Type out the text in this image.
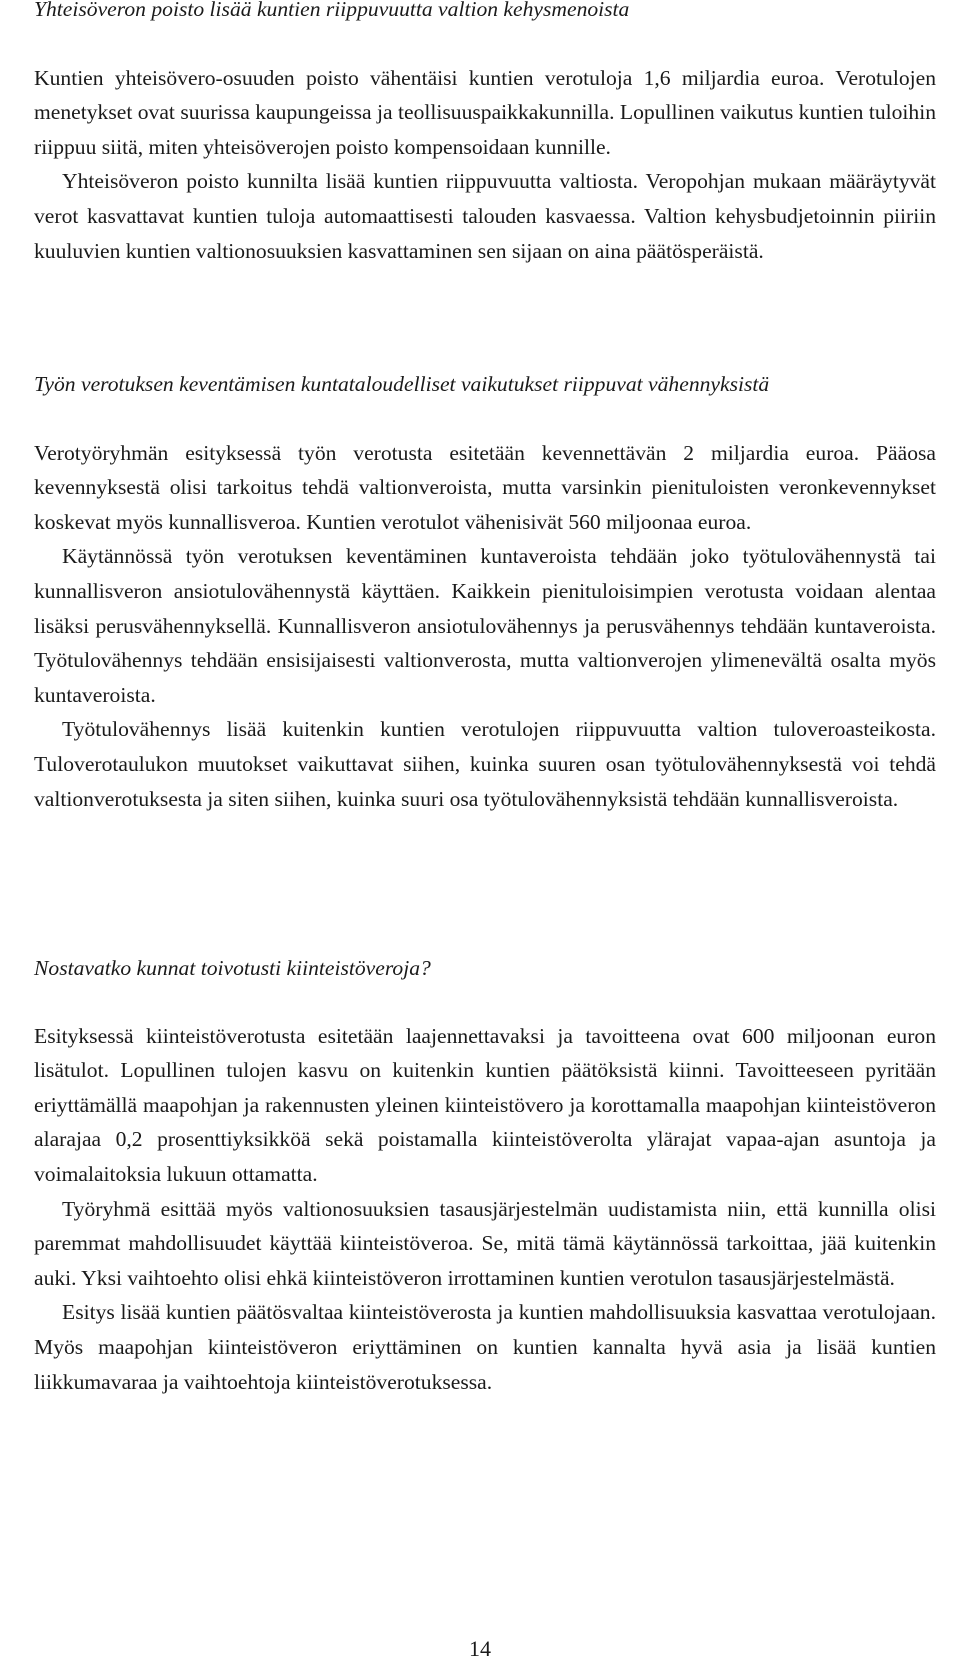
Yhteisöveron poisto lisää kuntien riippuvuutta valtion kehysmenoista

Kuntien yhteisövero-osuuden poisto vähentäisi kuntien verotuloja 1,6 miljardia euroa. Verotulojen menetykset ovat suurissa kaupungeissa ja teollisuuspaikkakunnilla. Lopullinen vaikutus kuntien tuloihin riippuu siitä, miten yhteisöverojen poisto kompensoidaan kunnille.

Yhteisöveron poisto kunnilta lisää kuntien riippuvuutta valtiosta. Veropohjan mukaan määräytyvät verot kasvattavat kuntien tuloja automaattisesti talouden kasvaessa. Valtion kehysbudjetoinnin piiriin kuuluvien kuntien valtionosuuksien kasvattaminen sen sijaan on aina päätösperäistä.

Työn verotuksen keventämisen kuntataloudelliset vaikutukset riippuvat vähennyksistä

Verotyöryhmän esityksessä työn verotusta esitetään kevennettävän 2 miljardia euroa. Pääosa kevennyksestä olisi tarkoitus tehdä valtionveroista, mutta varsinkin pienituloisten veronkevennykset koskevat myös kunnallisveroa. Kuntien verotulot vähenisivät 560 miljoonaa euroa.

Käytännössä työn verotuksen keventäminen kuntaveroista tehdään joko työtulovähennystä tai kunnallisveron ansiotulovähennystä käyttäen. Kaikkein pienituloisimpien verotusta voidaan alentaa lisäksi perusvähennyksellä. Kunnallisveron ansiotulovähennys ja perusvähennys tehdään kuntaveroista. Työtulovähennys tehdään ensisijaisesti valtionverosta, mutta valtionverojen ylimenevältä osalta myös kuntaveroista.

Työtulovähennys lisää kuitenkin kuntien verotulojen riippuvuutta valtion tuloveroasteikosta. Tuloverotaulukon muutokset vaikuttavat siihen, kuinka suuren osan työtulovähennyksestä voi tehdä valtionverotuksesta ja siten siihen, kuinka suuri osa työtulovähennyksistä tehdään kunnallisveroista.

Nostavatko kunnat toivotusti kiinteistöveroja?

Esityksessä kiinteistöverotusta esitetään laajennettavaksi ja tavoitteena ovat 600 miljoonan euron lisätulot. Lopullinen tulojen kasvu on kuitenkin kuntien päätöksistä kiinni. Tavoitteeseen pyritään eriyttämällä maapohjan ja rakennusten yleinen kiinteistövero ja korottamalla maapohjan kiinteistöveron alarajaa 0,2 prosenttiyksikköä sekä poistamalla kiinteistöverolta ylärajat vapaa-ajan asuntoja ja voimalaitoksia lukuun ottamatta.

Työryhmä esittää myös valtionosuuksien tasausjärjestelmän uudistamista niin, että kunnilla olisi paremmat mahdollisuudet käyttää kiinteistöveroa. Se, mitä tämä käytännössä tarkoittaa, jää kuitenkin auki. Yksi vaihtoehto olisi ehkä kiinteistöveron irrottaminen kuntien verotulon tasausjärjestelmästä.

Esitys lisää kuntien päätösvaltaa kiinteistöverosta ja kuntien mahdollisuuksia kasvattaa verotulojaan. Myös maapohjan kiinteistöveron eriyttäminen on kuntien kannalta hyvä asia ja lisää kuntien liikkumavaraa ja vaihtoehtoja kiinteistöverotuksessa.

14
